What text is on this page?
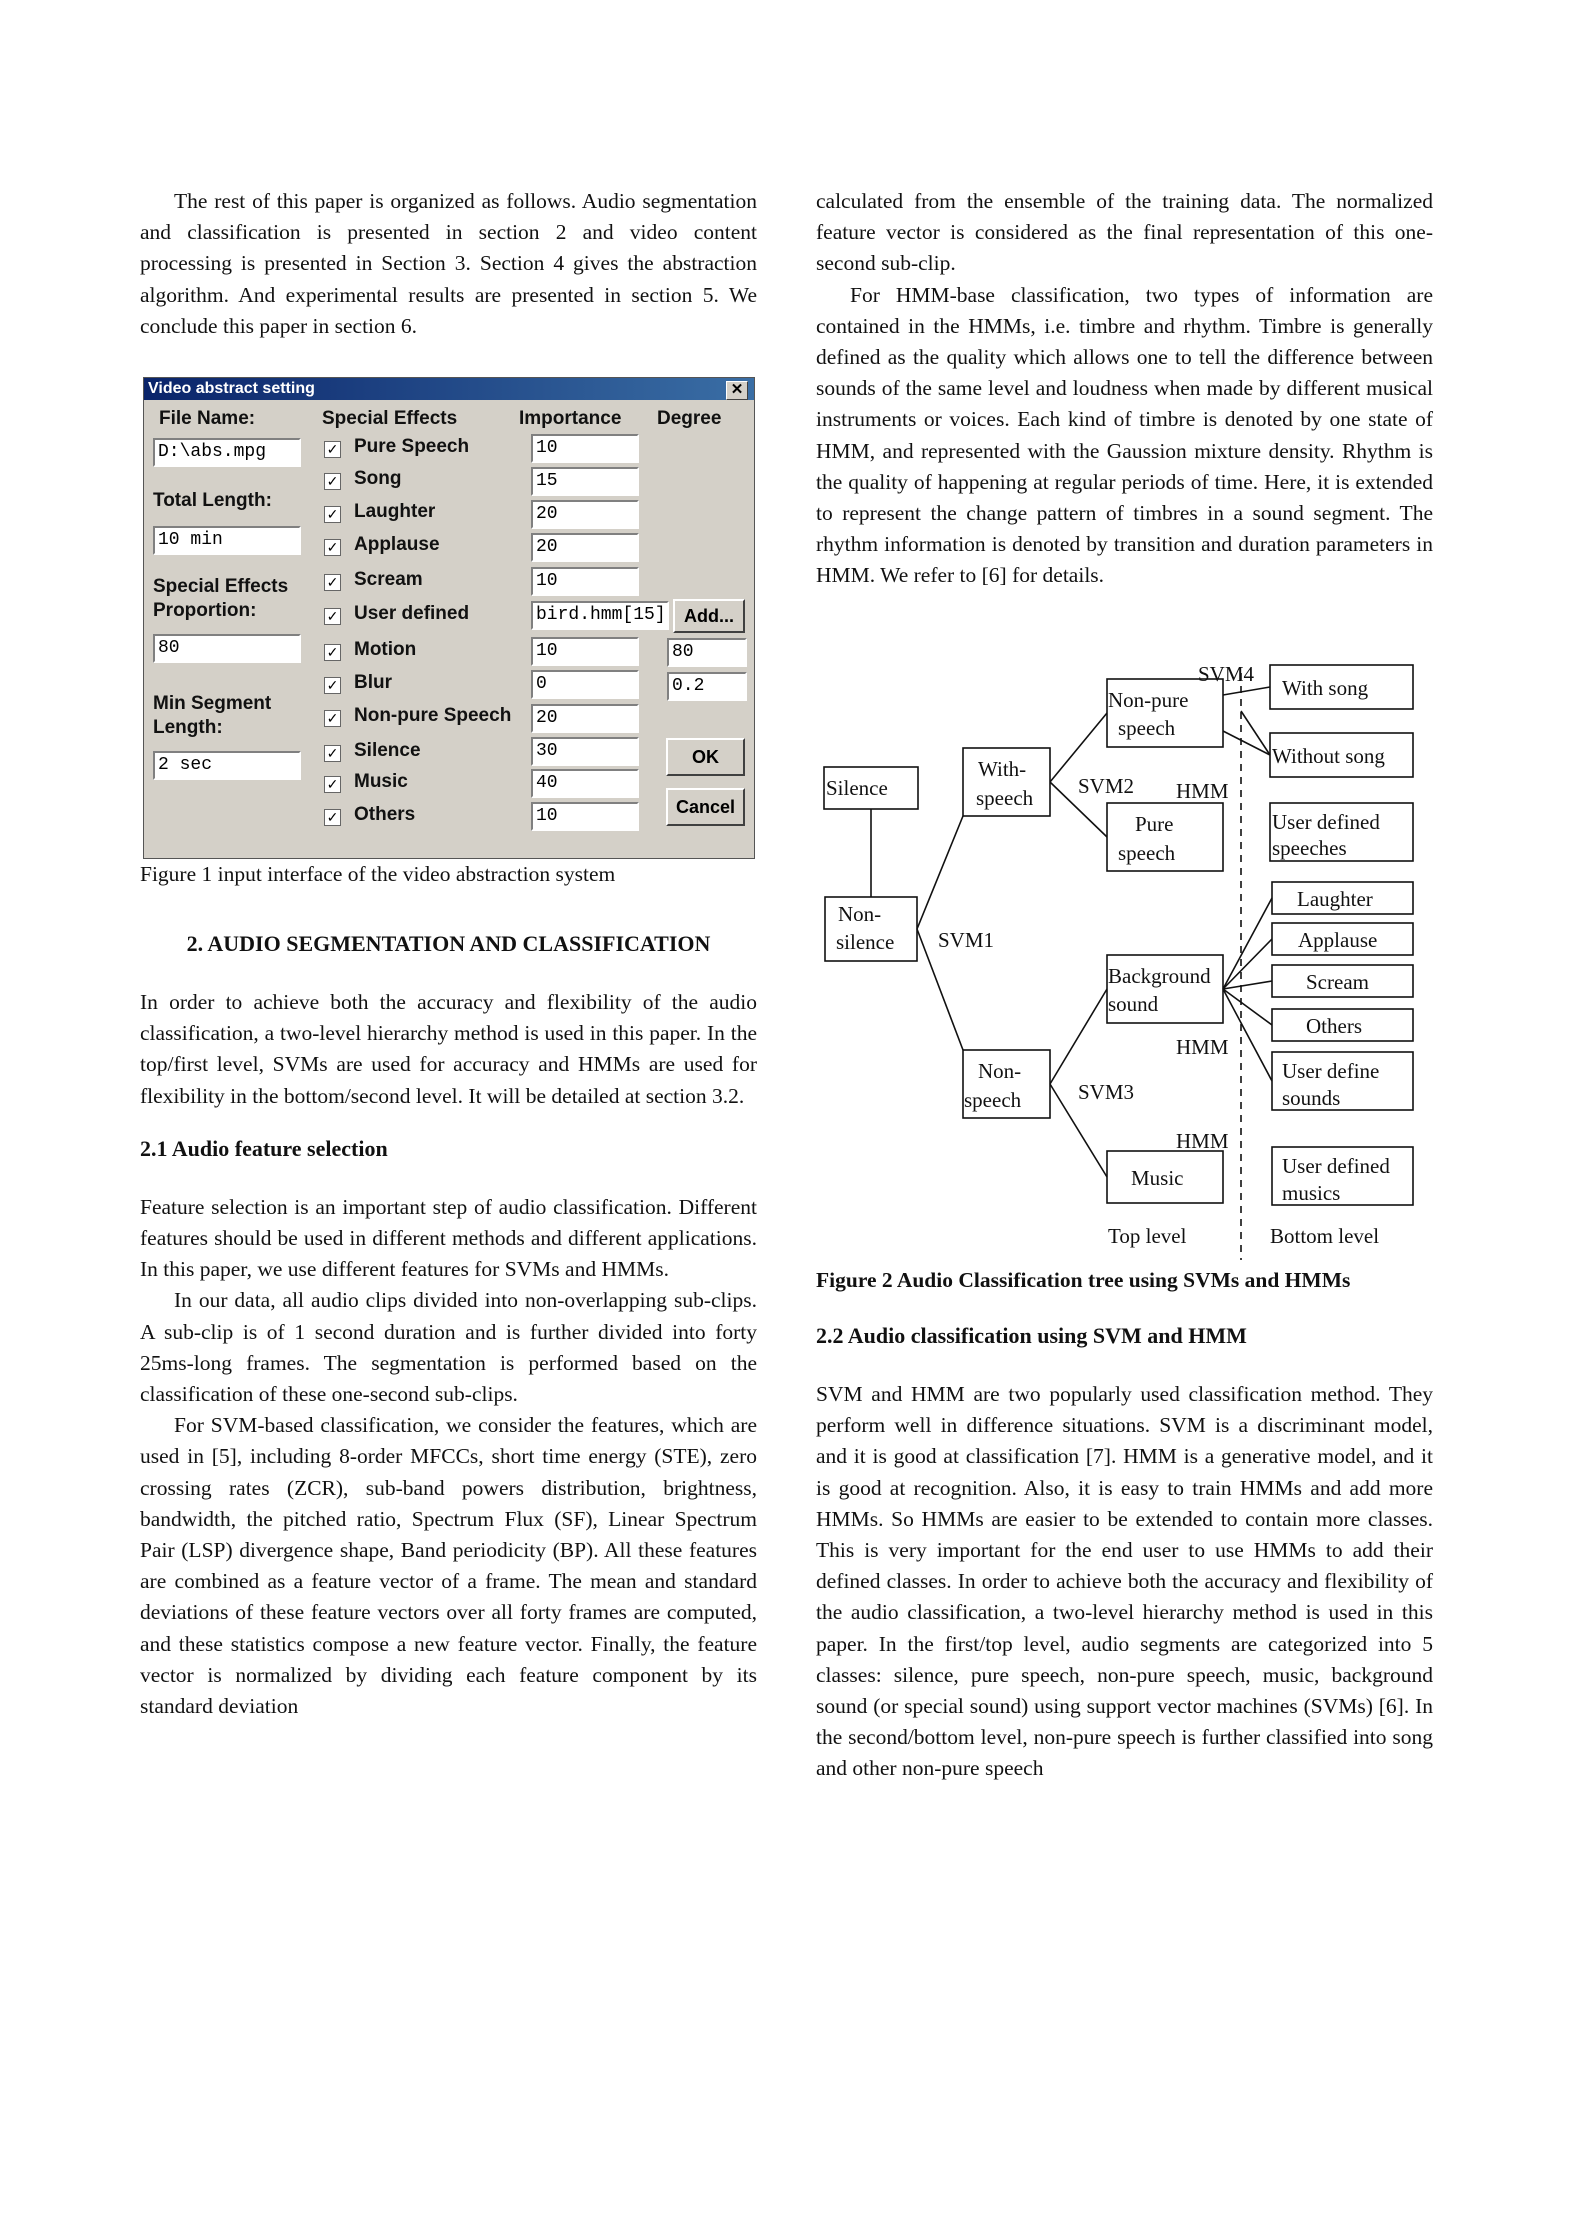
The rest of this paper is organized as follows. Audio segmentation and classification is presented in section 2 and video content processing is presented in Section 3. Section 4 gives the abstraction algorithm. And experimental results are presented in section 5. We conclude this paper in section 6.

Video abstract setting	✕
File Name:
D:\abs.mpg
Total Length:
10 min
Special Effects
Proportion:
80
Min Segment
Length:
2 sec
Special Effects	Importance Degree
✓ Pure Speech	10
✓ Song	15
✓ Laughter	20
✓ Applause	20
✓ Scream	10
✓ User defined	bird.hmm[15]	Add...
✓ Motion	10	80
✓ Blur	0	0.2
✓ Non-pure Speech 20
✓ Silence	30	OK
✓ Music	40
✓ Others	10	Cancel

Figure 1 input interface of the video abstraction system

2. AUDIO SEGMENTATION AND CLASSIFICATION

In order to achieve both the accuracy and flexibility of the audio classification, a two-level hierarchy method is used in this paper. In the top/first level, SVMs are used for accuracy and HMMs are used for flexibility in the bottom/second level. It will be detailed at section 3.2.

2.1 Audio feature selection

Feature selection is an important step of audio classification. Different features should be used in different methods and different applications. In this paper, we use different features for SVMs and HMMs.

In our data, all audio clips divided into non-overlapping sub-clips. A sub-clip is of 1 second duration and is further divided into forty 25ms-long frames. The segmentation is performed based on the classification of these one-second sub-clips.

For SVM-based classification, we consider the features, which are used in [5], including 8-order MFCCs, short time energy (STE), zero crossing rates (ZCR), sub-band powers distribution, brightness, bandwidth, the pitched ratio, Spectrum Flux (SF), Linear Spectrum Pair (LSP) divergence shape, Band periodicity (BP). All these features are combined as a feature vector of a frame. The mean and standard deviations of these feature vectors over all forty frames are computed, and these statistics compose a new feature vector. Finally, the feature vector is normalized by dividing each feature component by its standard deviation

calculated from the ensemble of the training data. The normalized feature vector is considered as the final representation of this one-second sub-clip.

For HMM-base classification, two types of information are contained in the HMMs, i.e. timbre and rhythm. Timbre is generally defined as the quality which allows one to tell the difference between sounds of the same level and loudness when made by different musical instruments or voices. Each kind of timbre is denoted by one state of HMM, and represented with the Gaussion mixture density. Rhythm is the quality of happening at regular periods of time. Here, it is extended to represent the change pattern of timbres in a sound segment. The rhythm information is denoted by transition and duration parameters in HMM. We refer to [6] for details.

Silence
Non-
silence SVM1
With-
speech
Non-
speech
SVM2
SVM3
Non-pure
speech
Pure
speech
Background
sound
Music
SVM4
HMM
HMM
HMM
With song
Without song
User defined
speeches
Laughter
Applause
Scream
Others
User define
sounds
User defined
musics
Top level	Bottom level

Figure 2 Audio Classification tree using SVMs and HMMs

2.2 Audio classification using SVM and HMM

SVM and HMM are two popularly used classification method. They perform well in difference situations. SVM is a discriminant model, and it is good at classification [7]. HMM is a generative model, and it is good at recognition. Also, it is easy to train HMMs and add more HMMs. So HMMs are easier to be extended to contain more classes. This is very important for the end user to use HMMs to add their defined classes. In order to achieve both the accuracy and flexibility of the audio classification, a two-level hierarchy method is used in this paper. In the first/top level, audio segments are categorized into 5 classes: silence, pure speech, non-pure speech, music, background sound (or special sound) using support vector machines (SVMs) [6]. In the second/bottom level, non-pure speech is further classified into song and other non-pure speech
